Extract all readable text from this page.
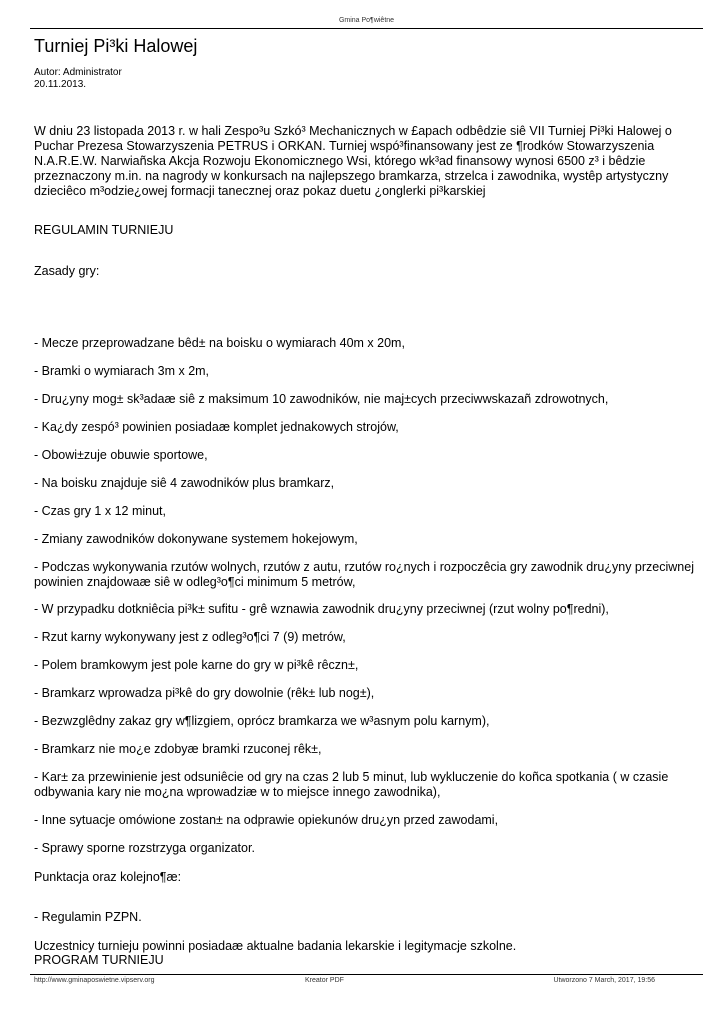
Gmina Po¶wiêtne
Turniej Pi³ki Halowej
Autor: Administrator
20.11.2013.

W dniu 23 listopada 2013 r. w hali Zespo³u Szkó³ Mechanicznych w £apach odbêdzie siê VII Turniej Pi³ki Halowej o Puchar Prezesa Stowarzyszenia PETRUS i ORKAN. Turniej wspó³finansowany jest ze ¶rodków Stowarzyszenia N.A.R.E.W. Narwiañska Akcja Rozwoju Ekonomicznego Wsi, którego wk³ad finansowy wynosi 6500 z³ i bêdzie przeznaczony m.in. na nagrody w konkursach na najlepszego bramkarza, strzelca i zawodnika, wystêp artystyczny dzieciêco m³odzie¿owej formacji tanecznej oraz pokaz duetu ¿onglerki pi³karskiej

REGULAMIN TURNIEJU
Zasady gry:
- Mecze przeprowadzane bêd± na boisku o wymiarach 40m x 20m,
- Bramki o wymiarach 3m x 2m,
- Dru¿yny mog± sk³adaæ siê z maksimum 10 zawodników, nie maj±cych przeciwwskazañ zdrowotnych,
- Ka¿dy zespó³ powinien posiadaæ komplet jednakowych strojów,
- Obowi±zuje obuwie sportowe,
- Na boisku znajduje siê 4 zawodników plus bramkarz,
- Czas gry 1 x 12 minut,
- Zmiany zawodników dokonywane systemem hokejowym,
- Podczas wykonywania rzutów wolnych, rzutów z autu, rzutów ro¿nych i rozpoczêcia gry zawodnik dru¿yny przeciwnej powinien znajdowaæ siê w odleg³o¶ci minimum 5 metrów,
- W przypadku dotkniêcia pi³k± sufitu - grê wznawia zawodnik dru¿yny przeciwnej (rzut wolny po¶redni),
- Rzut karny wykonywany jest z odleg³o¶ci 7 (9) metrów,
- Polem bramkowym jest pole karne do gry w pi³kê rêczn±,
- Bramkarz wprowadza pi³kê do gry dowolnie (rêk± lub nog±),
- Bezwzglêdny zakaz gry w¶lizgiem, oprócz bramkarza we w³asnym polu karnym),
- Bramkarz nie mo¿e zdobyæ bramki rzuconej rêk±,
- Kar± za przewinienie jest odsuniêcie od gry na czas 2 lub 5 minut, lub wykluczenie do koñca spotkania ( w czasie odbywania kary nie mo¿na wprowadziæ w to miejsce innego zawodnika),
- Inne sytuacje omówione zostan± na odprawie opiekunów dru¿yn przed zawodami,
- Sprawy sporne rozstrzyga organizator.
Punktacja oraz kolejno¶æ:
- Regulamin PZPN.
Uczestnicy turnieju powinni posiadaæ aktualne badania lekarskie i legitymacje szkolne.
PROGRAM TURNIEJU
http://www.gminaposwietne.vipserv.org	Kreator PDF	Utworzono 7 March, 2017, 19:56
